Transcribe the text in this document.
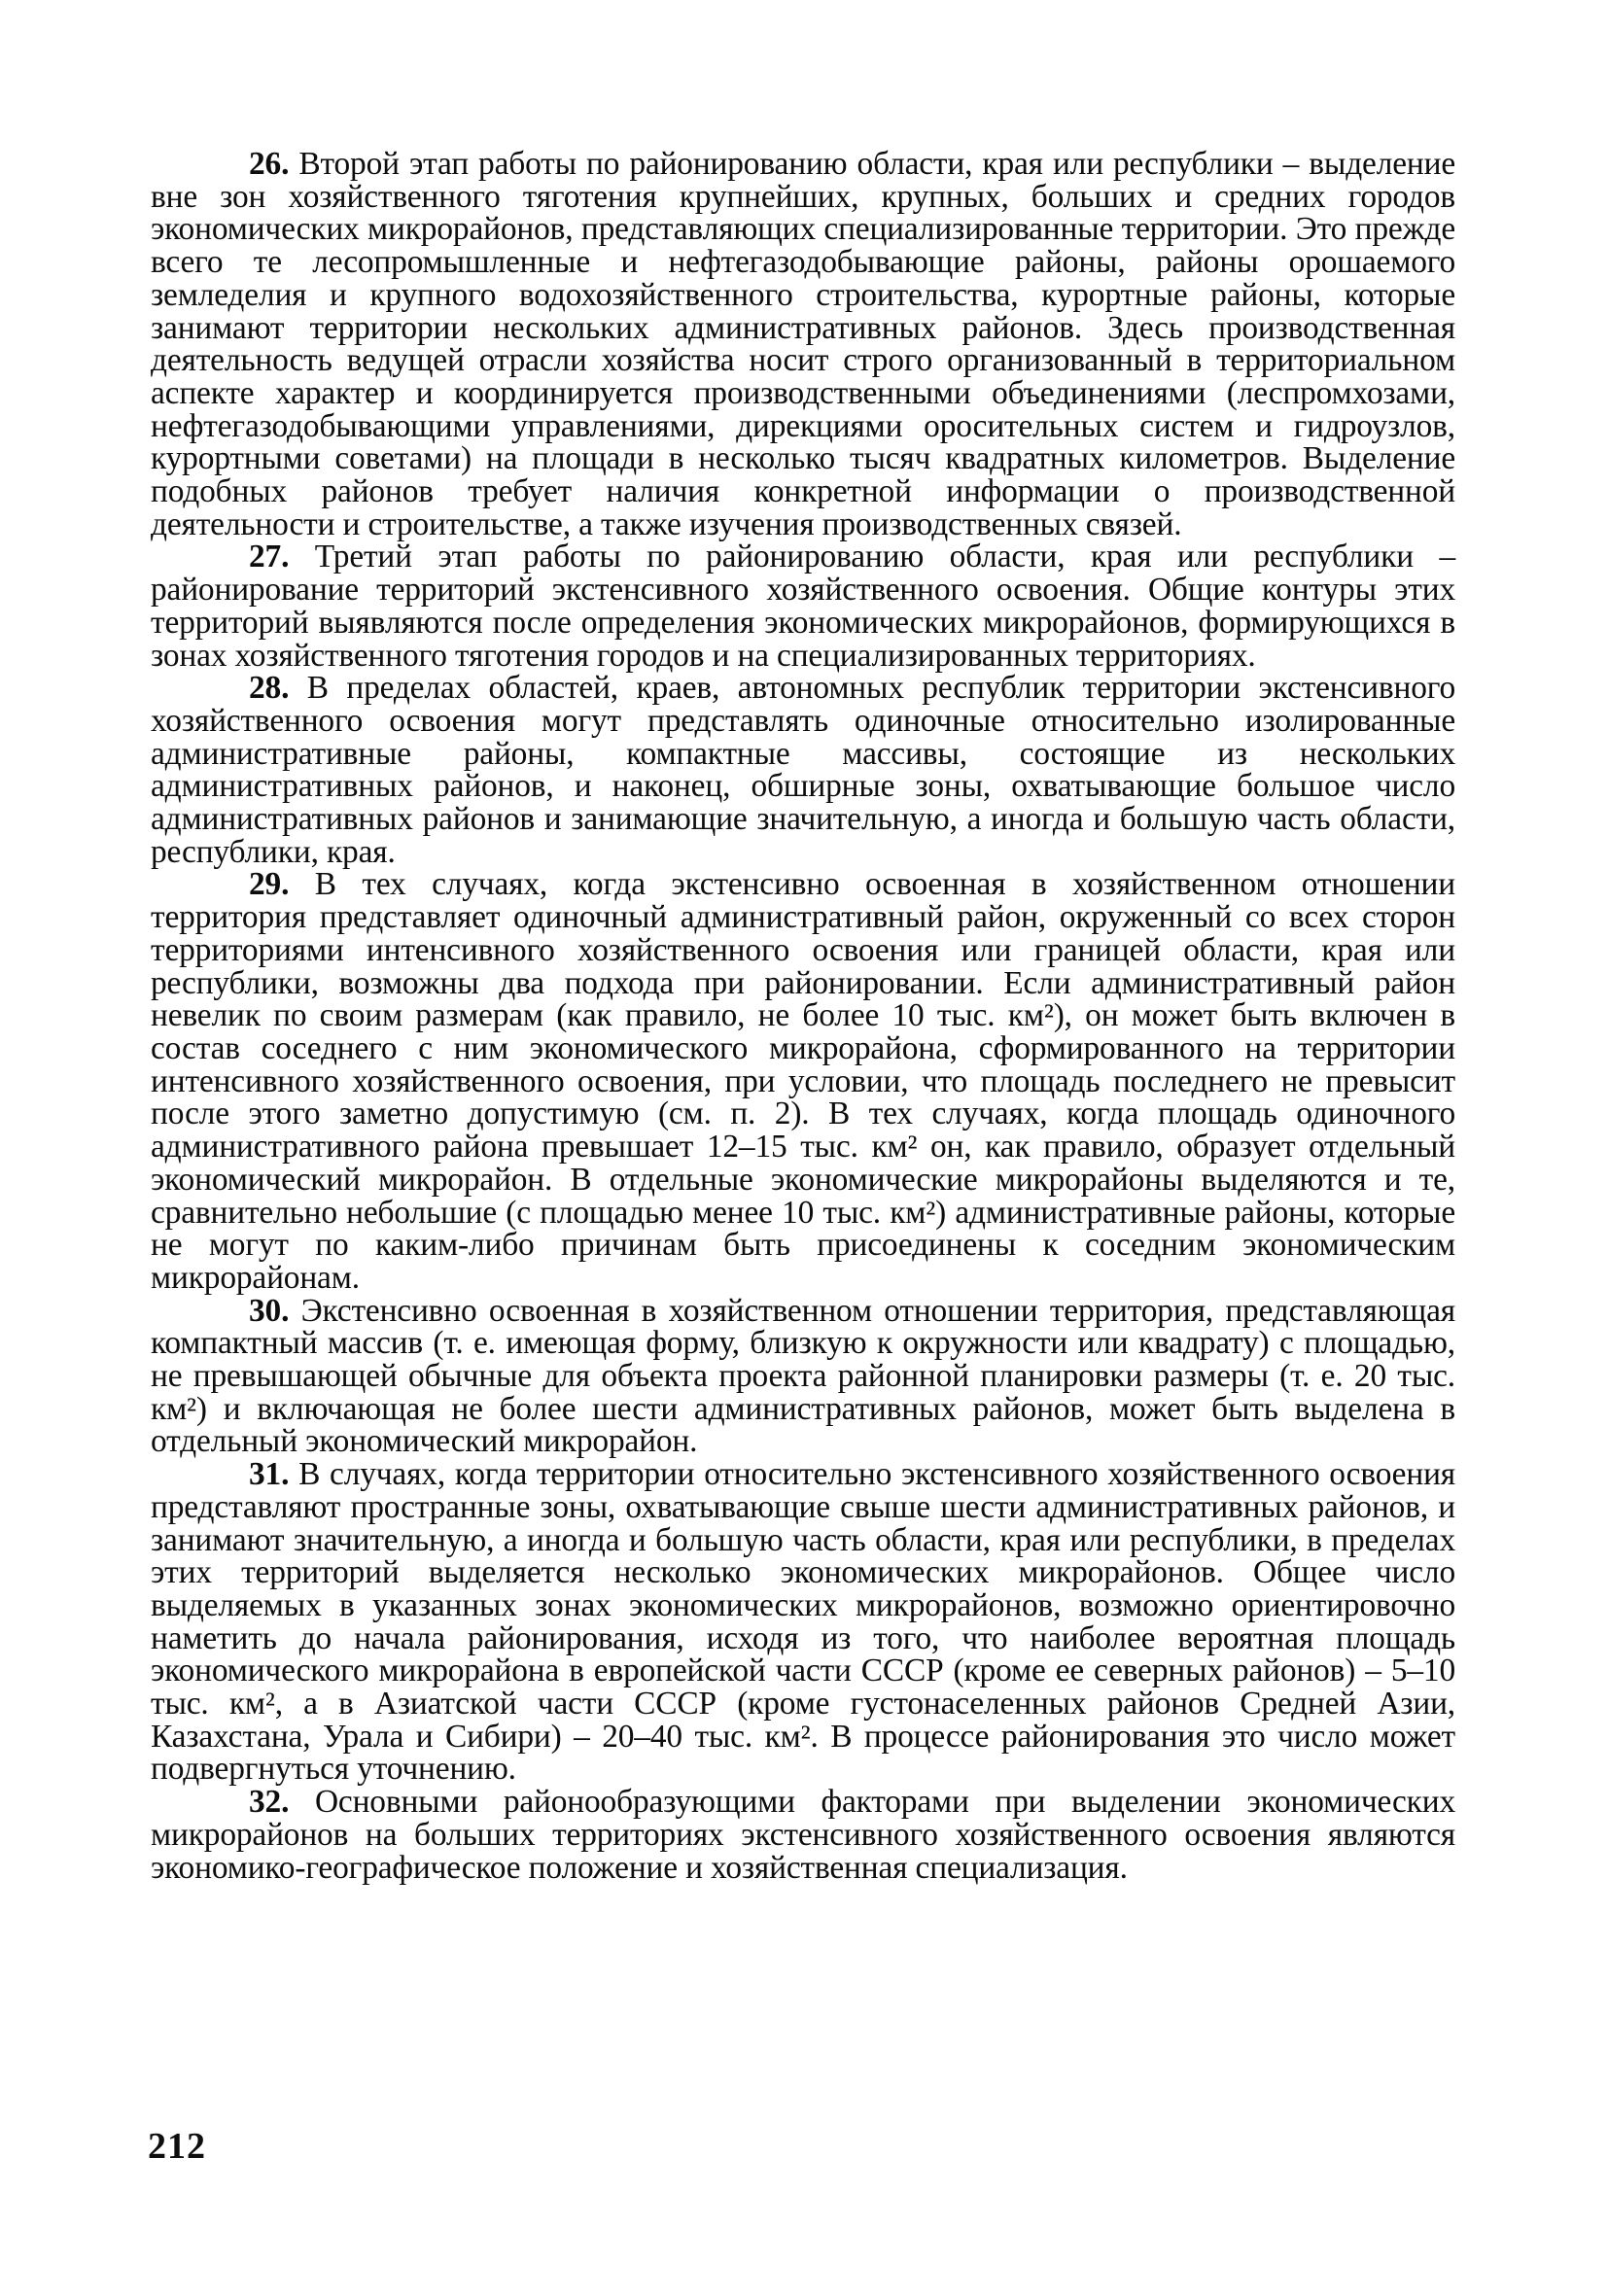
26. Второй этап работы по районированию области, края или республики – выделение вне зон хозяйственного тяготения крупнейших, крупных, больших и средних городов экономических микрорайонов, представляющих специализированные территории. Это прежде всего те лесопромышленные и нефтегазодобывающие районы, районы орошаемого земледелия и крупного водохозяйственного строительства, курортные районы, которые занимают территории нескольких административных районов. Здесь производственная деятельность ведущей отрасли хозяйства носит строго организованный в территориальном аспекте характер и координируется производственными объединениями (леспромхозами, нефтегазодобывающими управлениями, дирекциями оросительных систем и гидроузлов, курортными советами) на площади в несколько тысяч квадратных километров. Выделение подобных районов требует наличия конкретной информации о производственной деятельности и строительстве, а также изучения производственных связей.

27. Третий этап работы по районированию области, края или республики – районирование территорий экстенсивного хозяйственного освоения. Общие контуры этих территорий выявляются после определения экономических микрорайонов, формирующихся в зонах хозяйственного тяготения городов и на специализированных территориях.

28. В пределах областей, краев, автономных республик территории экстенсивного хозяйственного освоения могут представлять одиночные относительно изолированные административные районы, компактные массивы, состоящие из нескольких административных районов, и наконец, обширные зоны, охватывающие большое число административных районов и занимающие значительную, а иногда и большую часть области, республики, края.

29. В тех случаях, когда экстенсивно освоенная в хозяйственном отношении территория представляет одиночный административный район, окруженный со всех сторон территориями интенсивного хозяйственного освоения или границей области, края или республики, возможны два подхода при районировании. Если административный район невелик по своим размерам (как правило, не более 10 тыс. км²), он может быть включен в состав соседнего с ним экономического микрорайона, сформированного на территории интенсивного хозяйственного освоения, при условии, что площадь последнего не превысит после этого заметно допустимую (см. п. 2). В тех случаях, когда площадь одиночного административного района превышает 12–15 тыс. км² он, как правило, образует отдельный экономический микрорайон. В отдельные экономические микрорайоны выделяются и те, сравнительно небольшие (с площадью менее 10 тыс. км²) административные районы, которые не могут по каким-либо причинам быть присоединены к соседним экономическим микрорайонам.

30. Экстенсивно освоенная в хозяйственном отношении территория, представляющая компактный массив (т. е. имеющая форму, близкую к окружности или квадрату) с площадью, не превышающей обычные для объекта проекта районной планировки размеры (т. е. 20 тыс. км²) и включающая не более шести административных районов, может быть выделена в отдельный экономический микрорайон.

31. В случаях, когда территории относительно экстенсивного хозяйственного освоения представляют пространные зоны, охватывающие свыше шести административных районов, и занимают значительную, а иногда и большую часть области, края или республики, в пределах этих территорий выделяется несколько экономических микрорайонов. Общее число выделяемых в указанных зонах экономических микрорайонов, возможно ориентировочно наметить до начала районирования, исходя из того, что наиболее вероятная площадь экономического микрорайона в европейской части СССР (кроме ее северных районов) – 5–10 тыс. км², а в Азиатской части СССР (кроме густонаселенных районов Средней Азии, Казахстана, Урала и Сибири) – 20–40 тыс. км². В процессе районирования это число может подвергнуться уточнению.

32. Основными районообразующими факторами при выделении экономических микрорайонов на больших территориях экстенсивного хозяйственного освоения являются экономико-географическое положение и хозяйственная специализация.

212
